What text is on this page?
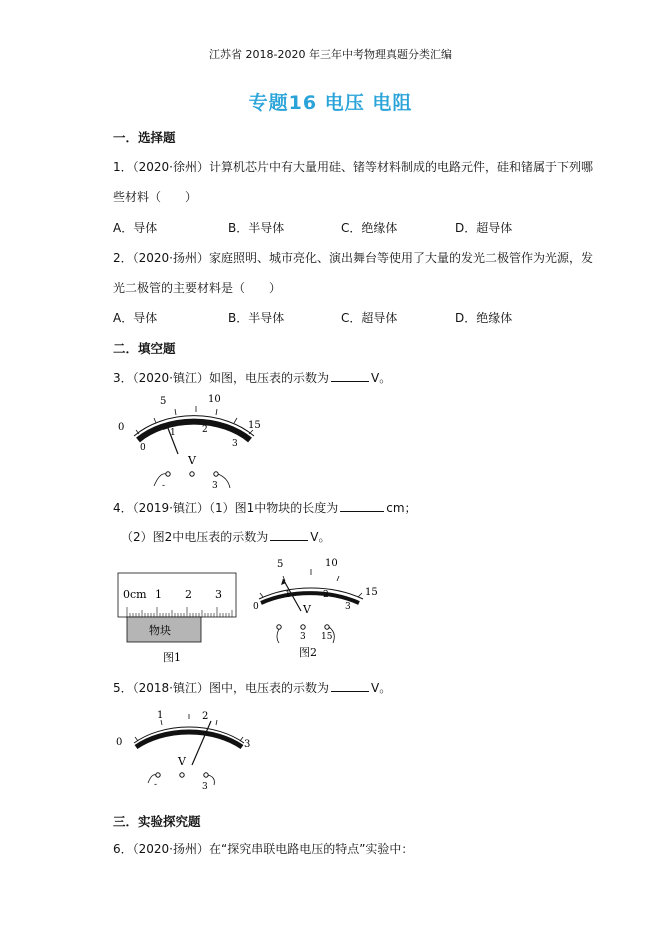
江苏省 2018-2020 年三年中考物理真题分类汇编
专题16 电压 电阻
一．选择题
1．（2020·徐州）计算机芯片中有大量用硅、锗等材料制成的电路元件，硅和锗属于下列哪
些材料（　　）
A．导体	B．半导体	C．绝缘体	D．超导体
2．（2020·扬州）家庭照明、城市亮化、演出舞台等使用了大量的发光二极管作为光源，发
光二极管的主要材料是（　　）
A．导体	B．半导体	C．超导体	D．绝缘体
二．填空题
3．（2020·镇江）如图，电压表的示数为	V。
0
5	10
15
0
1	2
3
V
-	3
4．（2019·镇江）（1）图1中物块的长度为	cm；
（2）图2中电压表的示数为	V。
0cm 1 2 3
物块
图1
5	10
15
0
1	2
3
V
3 15
图2
5．（2018·镇江）图中，电压表的示数为	V。
0
1	2
3
V
-	3
三．实验探究题
6．（2020·扬州）在“探究串联电路电压的特点”实验中：
